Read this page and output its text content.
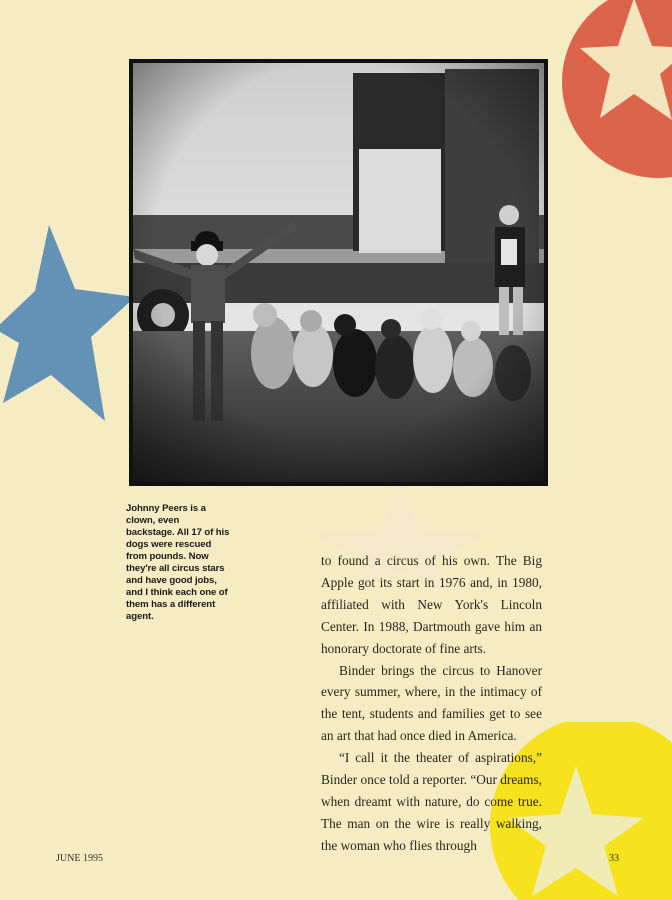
Johnny Peers is a clown, even backstage. All 17 of his dogs were rescued from pounds. Now they're all circus stars and have good jobs, and I think each one of them has a different agent.

to found a circus of his own. The Big Apple got its start in 1976 and, in 1980, affiliated with New York's Lincoln Center. In 1988, Dartmouth gave him an honorary doctorate of fine arts.

Binder brings the circus to Hanover every summer, where, in the intimacy of the tent, students and families get to see an art that had once died in America.

“I call it the theater of aspirations,” Binder once told a reporter. “Our dreams, when dreamt with nature, do come true. The man on the wire is really walking, the woman who flies through

JUNE 1995	33
